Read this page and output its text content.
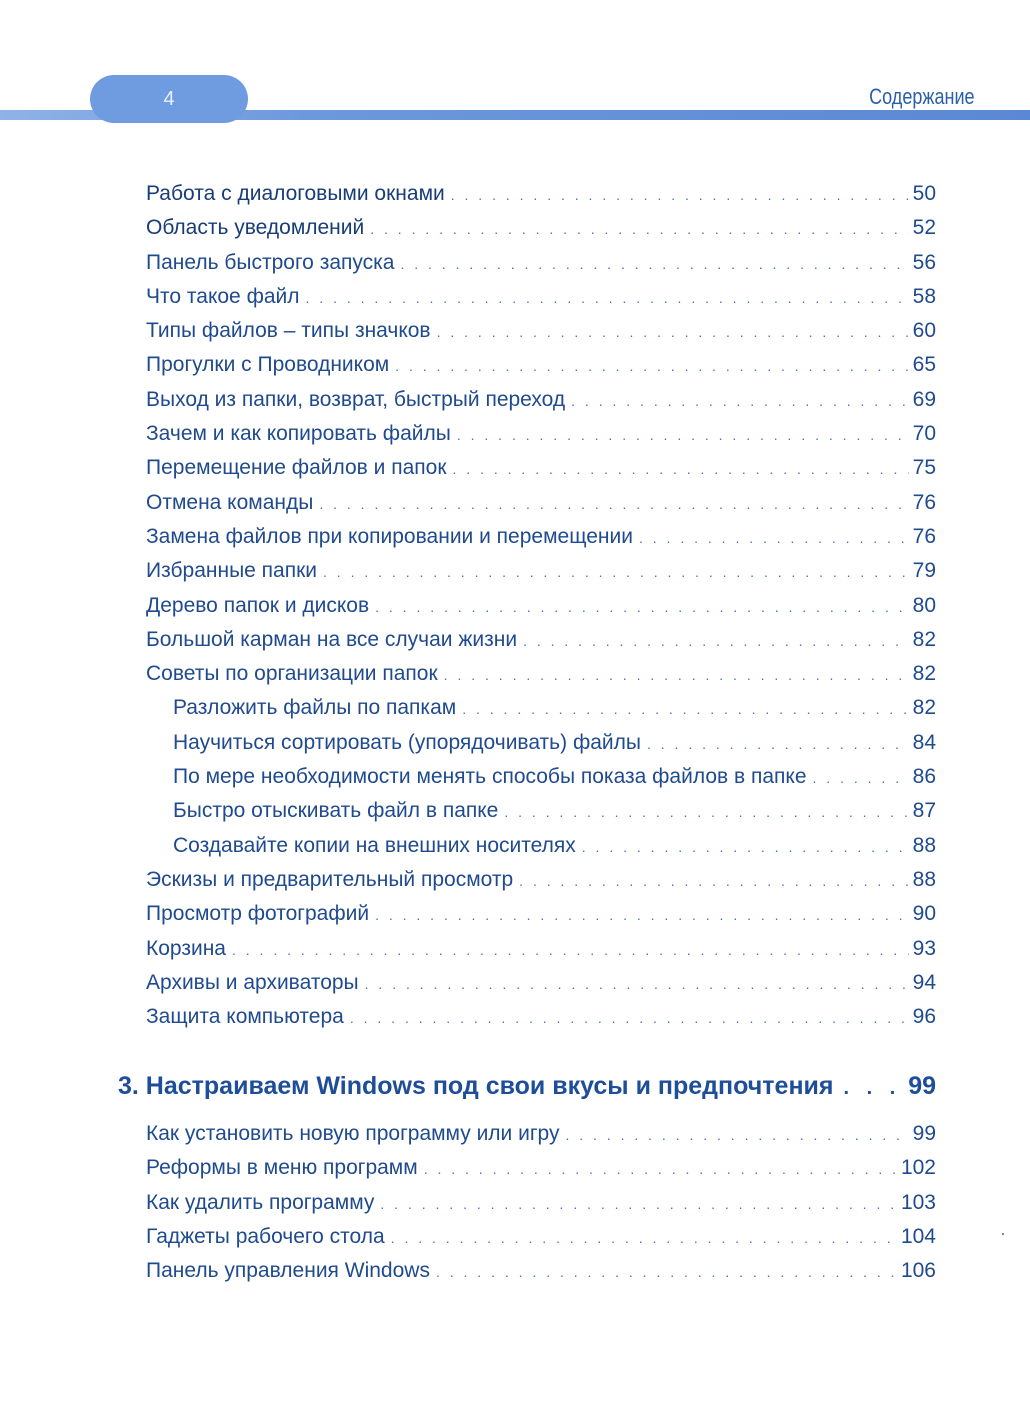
4	Содержание
Работа с диалоговыми окнами . . .	50
Область уведомлений . . .	52
Панель быстрого запуска . . .	56
Что такое файл . . .	58
Типы файлов – типы значков . . .	60
Прогулки с Проводником . . .	65
Выход из папки, возврат, быстрый переход . . .	69
Зачем и как копировать файлы . . .	70
Перемещение файлов и папок . . .	75
Отмена команды . . .	76
Замена файлов при копировании и перемещении . . .	76
Избранные папки . . .	79
Дерево папок и дисков . . .	80
Большой карман на все случаи жизни . . .	82
Советы по организации папок . . .	82
Разложить файлы по папкам . . .	82
Научиться сортировать (упорядочивать) файлы . . .	84
По мере необходимости менять способы показа файлов в папке . . .	86
Быстро отыскивать файл в папке . . .	87
Создавайте копии на внешних носителях . . .	88
Эскизы и предварительный просмотр . . .	88
Просмотр фотографий . . .	90
Корзина . . .	93
Архивы и архиваторы . . .	94
Защита компьютера . . .	96
3. Настраиваем Windows под свои вкусы и предпочтения . . . .	99
Как установить новую программу или игру . . .	99
Реформы в меню программ . . .	102
Как удалить программу . . .	103
Гаджеты рабочего стола . . .	104
Панель управления Windows . . .	106
